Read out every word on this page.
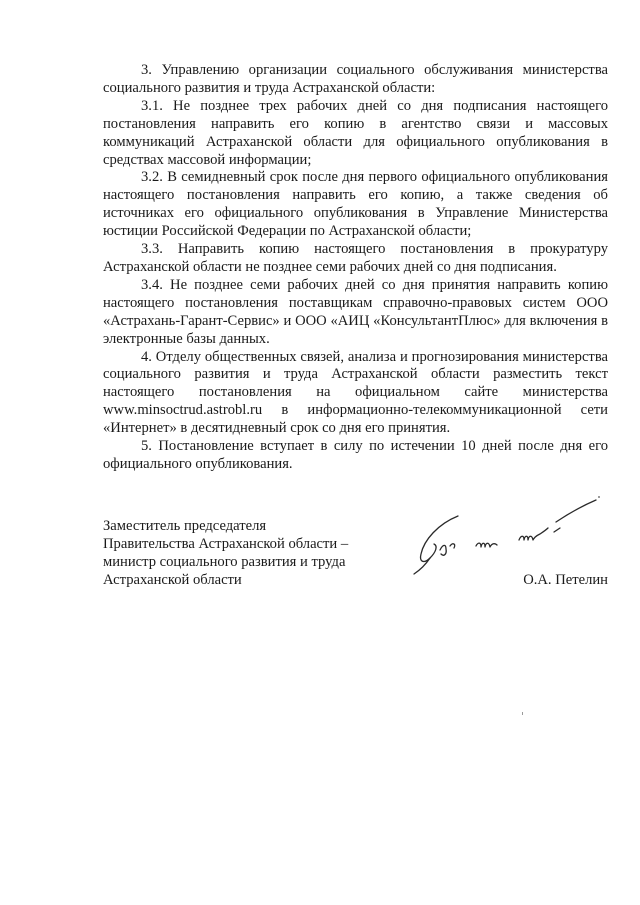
3. Управлению организации социального обслуживания министерства социального развития и труда Астраханской области:

3.1. Не позднее трех рабочих дней со дня подписания настоящего постановления направить его копию в агентство связи и массовых коммуникаций Астраханской области для официального опубликования в средствах массовой информации;

3.2. В семидневный срок после дня первого официального опубликования настоящего постановления направить его копию, а также сведения об источниках его официального опубликования в Управление Министерства юстиции Российской Федерации по Астраханской области;

3.3. Направить копию настоящего постановления в прокуратуру Астраханской области не позднее семи рабочих дней со дня подписания.

3.4. Не позднее семи рабочих дней со дня принятия направить копию настоящего постановления поставщикам справочно-правовых систем ООО «Астрахань-Гарант-Сервис» и ООО «АИЦ «КонсультантПлюс» для включения в электронные базы данных.

4. Отделу общественных связей, анализа и прогнозирования министерства социального развития и труда Астраханской области разместить текст настоящего постановления на официальном сайте министерства www.minsoctrud.astrobl.ru в информационно-телекоммуникационной сети «Интернет» в десятидневный срок со дня его принятия.

5. Постановление вступает в силу по истечении 10 дней после дня его официального опубликования.

Заместитель председателя
Правительства Астраханской области –
министр социального развития и труда
Астраханской области	О.А. Петелин
